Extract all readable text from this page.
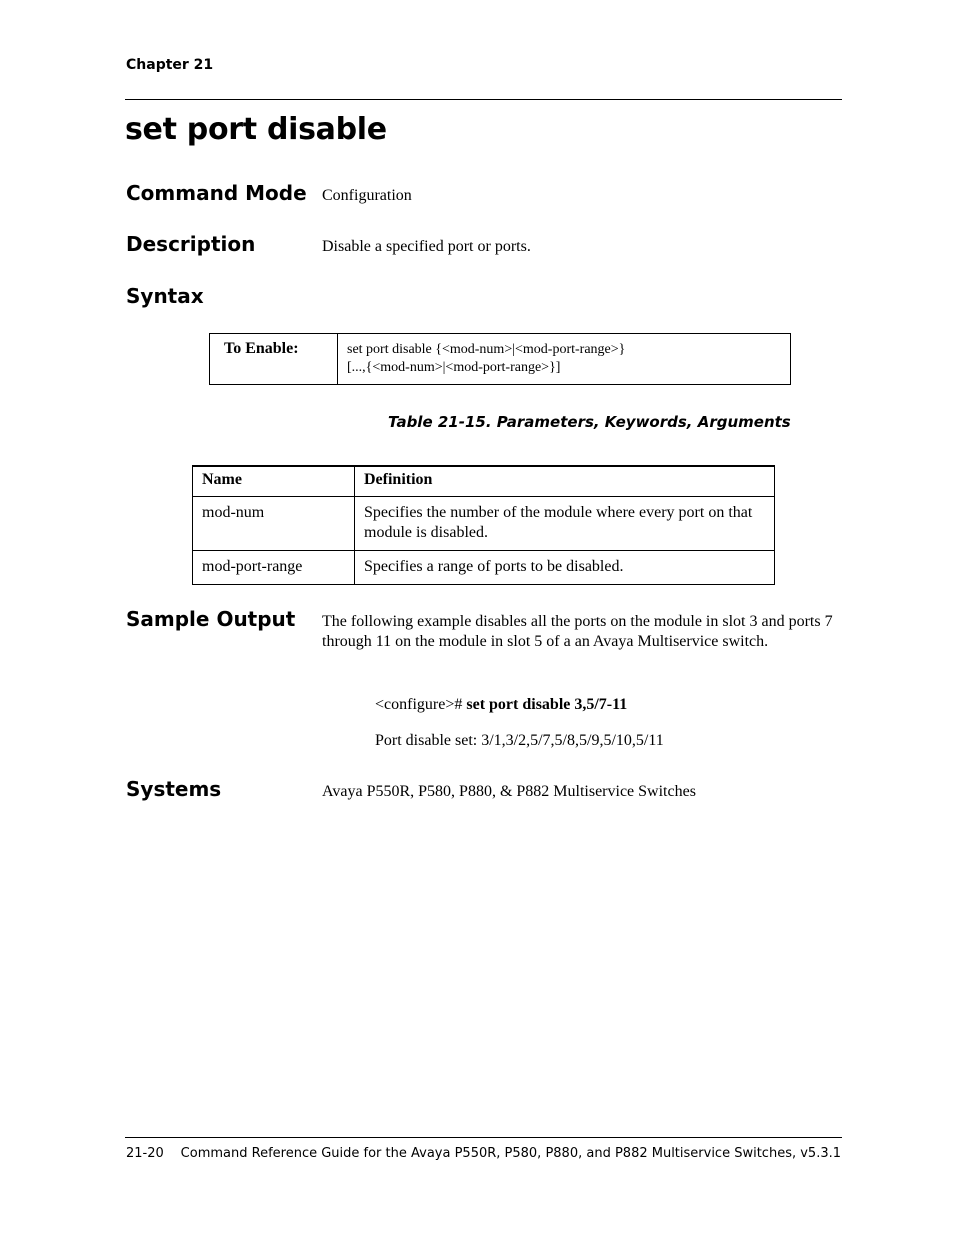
Chapter 21
set port disable
Command Mode Configuration
Description	Disable a specified port or ports.
Syntax
To Enable:	set port disable {<mod-num>|<mod-port-range>}
[...,{<mod-num>|<mod-port-range>}]
Table 21-15. Parameters, Keywords, Arguments
Name	Definition
mod-num	Specifies the number of the module where every port on that module is disabled.
mod-port-range	Specifies a range of ports to be disabled.
Sample Output The following example disables all the ports on the module in slot 3 and ports 7 through 11 on the module in slot 5 of a an Avaya Multiservice switch.
<configure># set port disable 3,5/7-11
Port disable set: 3/1,3/2,5/7,5/8,5/9,5/10,5/11
Systems	Avaya P550R, P580, P880, & P882 Multiservice Switches
21-20 Command Reference Guide for the Avaya P550R, P580, P880, and P882 Multiservice Switches, v5.3.1
